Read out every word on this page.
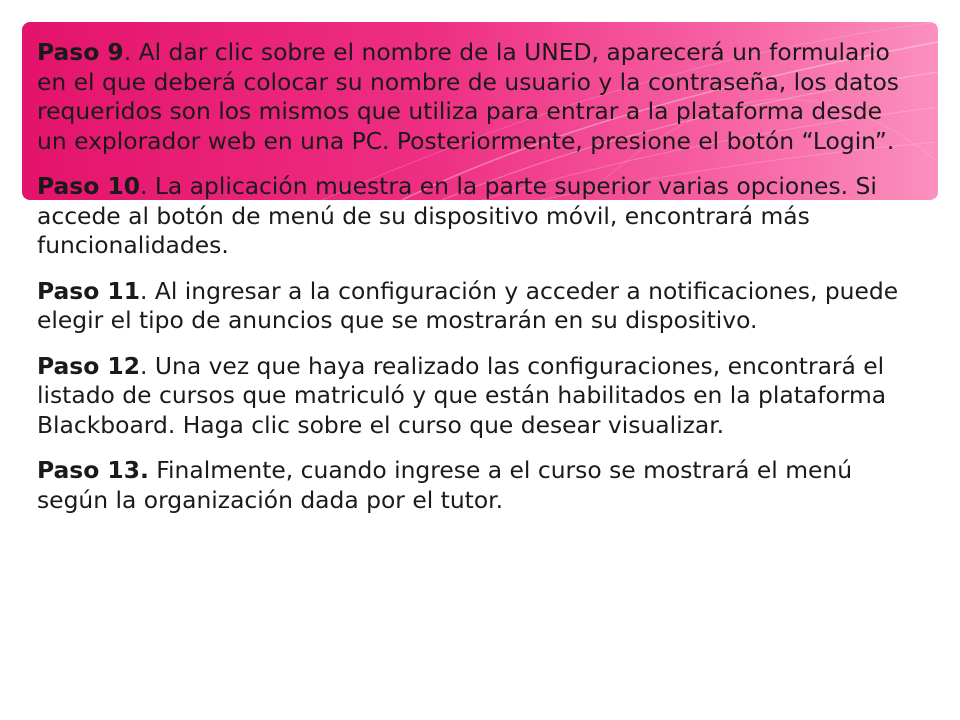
Paso 9. Al dar clic sobre el nombre de la UNED, aparecerá un formulario en el que deberá colocar su nombre de usuario y la contraseña, los datos requeridos son los mismos que utiliza para entrar a la plataforma desde un explorador web en una PC. Posteriormente, presione el botón “Login”.

Paso 10. La aplicación muestra en la parte superior varias opciones. Si accede al botón de menú de su dispositivo móvil, encontrará más funcionalidades.

Paso 11. Al ingresar a la configuración y acceder a notificaciones, puede elegir el tipo de anuncios que se mostrarán en su dispositivo.

Paso 12. Una vez que haya realizado las configuraciones, encontrará el listado de cursos que matriculó y que están habilitados en la plataforma Blackboard. Haga clic sobre el curso que desear visualizar.

Paso 13. Finalmente, cuando ingrese a el curso se mostrará el menú según la organización dada por el tutor.
